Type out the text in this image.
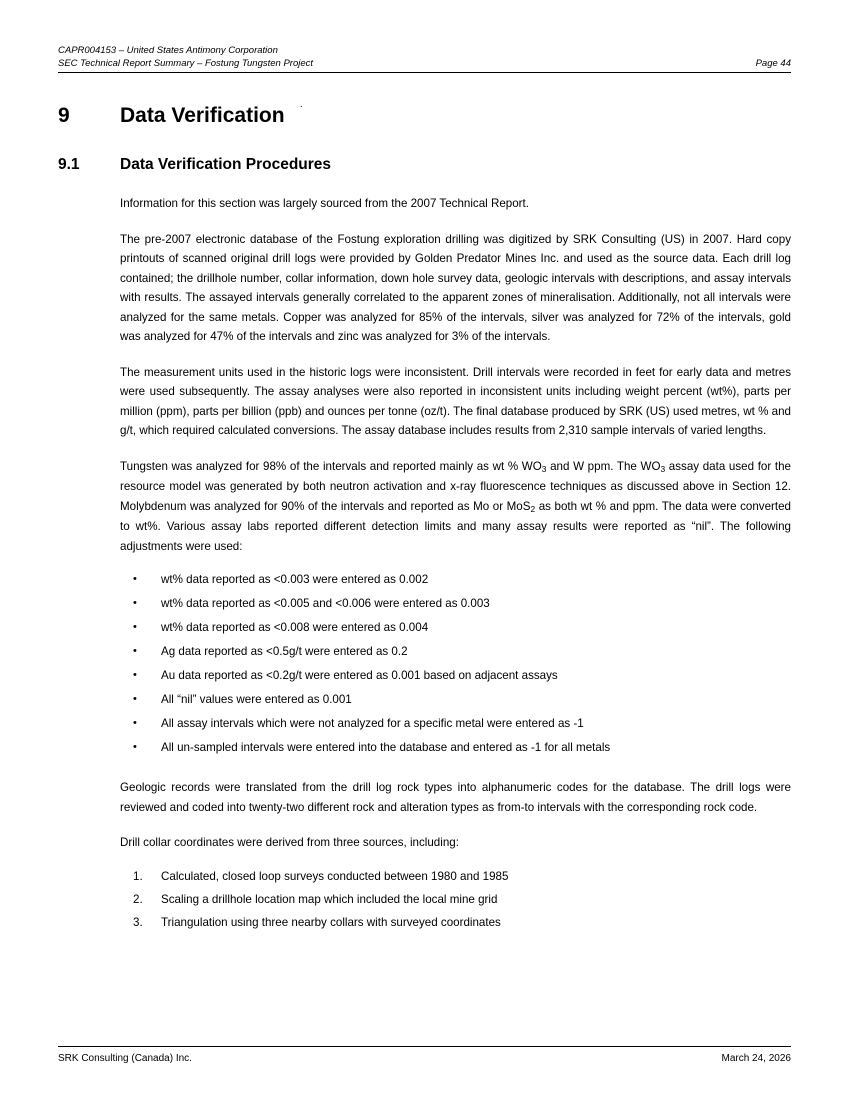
CAPR004153 – United States Antimony Corporation
SEC Technical Report Summary – Fostung Tungsten Project	Page 44
.
9	Data Verification
9.1	Data Verification Procedures

Information for this section was largely sourced from the 2007 Technical Report.

The pre-2007 electronic database of the Fostung exploration drilling was digitized by SRK Consulting (US) in 2007. Hard copy printouts of scanned original drill logs were provided by Golden Predator Mines Inc. and used as the source data. Each drill log contained; the drillhole number, collar information, down hole survey data, geologic intervals with descriptions, and assay intervals with results. The assayed intervals generally correlated to the apparent zones of mineralisation. Additionally, not all intervals were analyzed for the same metals. Copper was analyzed for 85% of the intervals, silver was analyzed for 72% of the intervals, gold was analyzed for 47% of the intervals and zinc was analyzed for 3% of the intervals.

The measurement units used in the historic logs were inconsistent. Drill intervals were recorded in feet for early data and metres were used subsequently. The assay analyses were also reported in inconsistent units including weight percent (wt%), parts per million (ppm), parts per billion (ppb) and ounces per tonne (oz/t). The final database produced by SRK (US) used metres, wt % and g/t, which required calculated conversions. The assay database includes results from 2,310 sample intervals of varied lengths.

Tungsten was analyzed for 98% of the intervals and reported mainly as wt % $WO_3$ and W ppm. The $WO_3$ assay data used for the resource model was generated by both neutron activation and x-ray fluorescence techniques as discussed above in Section 12. Molybdenum was analyzed for 90% of the intervals and reported as Mo or MoS$_2$ as both wt % and ppm. The data were converted to wt%. Various assay labs reported different detection limits and many assay results were reported as “nil”. The following adjustments were used:

• wt% data reported as <0.003 were entered as 0.002
• wt% data reported as <0.005 and <0.006 were entered as 0.003
• wt% data reported as <0.008 were entered as 0.004
• Ag data reported as <0.5g/t were entered as 0.2
• Au data reported as <0.2g/t were entered as 0.001 based on adjacent assays
• All “nil” values were entered as 0.001
• All assay intervals which were not analyzed for a specific metal were entered as -1
• All un-sampled intervals were entered into the database and entered as -1 for all metals

Geologic records were translated from the drill log rock types into alphanumeric codes for the database. The drill logs were reviewed and coded into twenty-two different rock and alteration types as from-to intervals with the corresponding rock code.

Drill collar coordinates were derived from three sources, including:

1. Calculated, closed loop surveys conducted between 1980 and 1985
2. Scaling a drillhole location map which included the local mine grid
3. Triangulation using three nearby collars with surveyed coordinates
SRK Consulting (Canada) Inc.	March 24, 2026
